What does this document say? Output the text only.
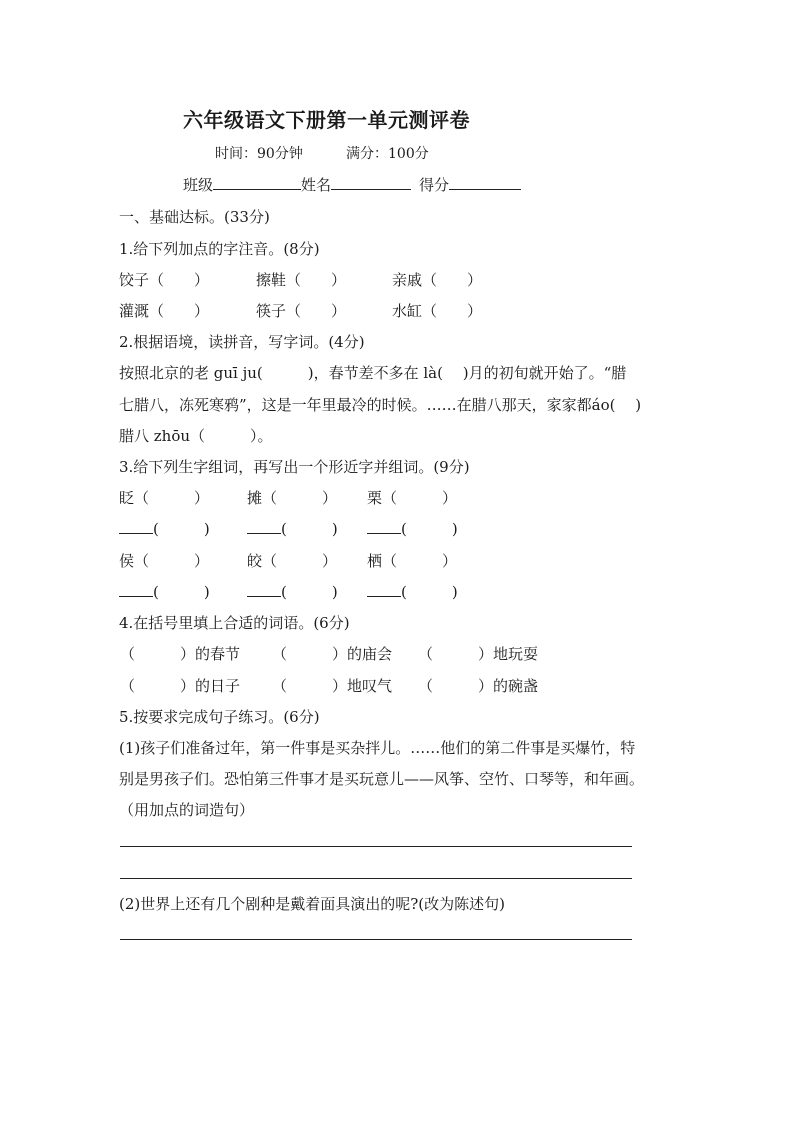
六年级语文下册第一单元测评卷
时间：90分钟	满分：100分
班级	姓名	得分
一、基础达标。(33分)
1.给下列加点的字注音。(8分)
饺子（　　）	擦鞋（　　）	亲戚（　　）
灌溉（　　）	筷子（　　）	水缸（　　）
2.根据语境，读拼音，写字词。(4分)
按照北京的老 guī ju(　　　)，春节差不多在 là(　 )月的初旬就开始了。“腊
七腊八，冻死寒鸦”，这是一年里最冷的时候。……在腊八那天，家家都áo(　 )
腊八 zhōu（　　　）。
3.给下列生字组词，再写出一个形近字并组词。(9分)
眨（　　　）	摊（　　　） 栗（　　　）
(　　　)	(　　　)	(　　　)
侯（　　　）	皎（　　　） 栖（　　　）
(　　　)	(　　　)	(　　　)
4.在括号里填上合适的词语。(6分)
（　　　）的春节 （　　　）的庙会 （　　　）地玩耍
（　　　）的日子 （　　　）地叹气 （　　　）的碗盏
5.按要求完成句子练习。(6分)
(1)孩子们准备过年，第一件事是买杂拌儿。……他们的第二件事是买爆竹，特
别是男孩子们。恐怕第三件事才是买玩意儿——风筝、空竹、口琴等，和年画。
（用加点的词造句）
(2)世界上还有几个剧种是戴着面具演出的呢?(改为陈述句)
